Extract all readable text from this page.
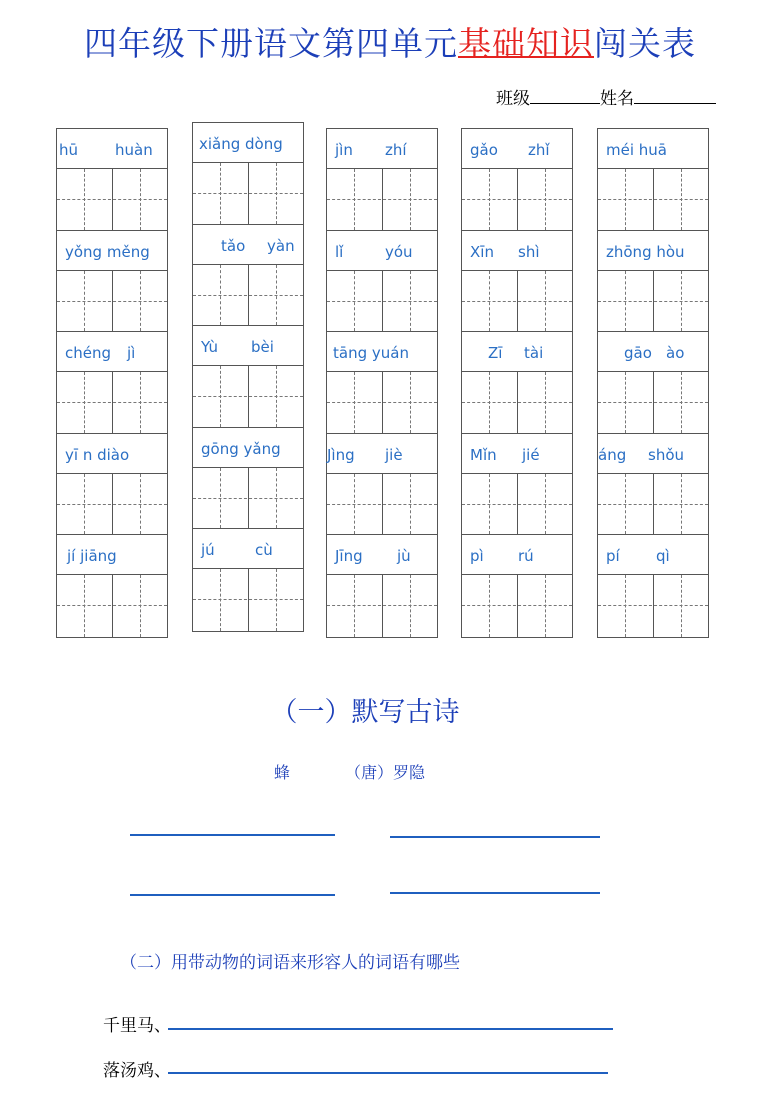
四年级下册语文第四单元基础知识闯关表
班级	姓名
hū huàn
yǒng měng
chéng jì
yī n diào
jí jiāng
xiǎng dòng
tǎo yàn
Yù bèi
gōng yǎng
jú	cù
jìn zhí
lǐ	yóu
tāng yuán
Jìng jiè
Jīng jù
gǎo zhǐ
Xīn shì
Zī tài
Mǐn jié
pì rú
méi huā
zhōng hòu
gāo ào
áng shǒu
pí qì
（一）默写古诗
蜂	（唐）罗隐
（二）用带动物的词语来形容人的词语有哪些
千里马、
落汤鸡、
